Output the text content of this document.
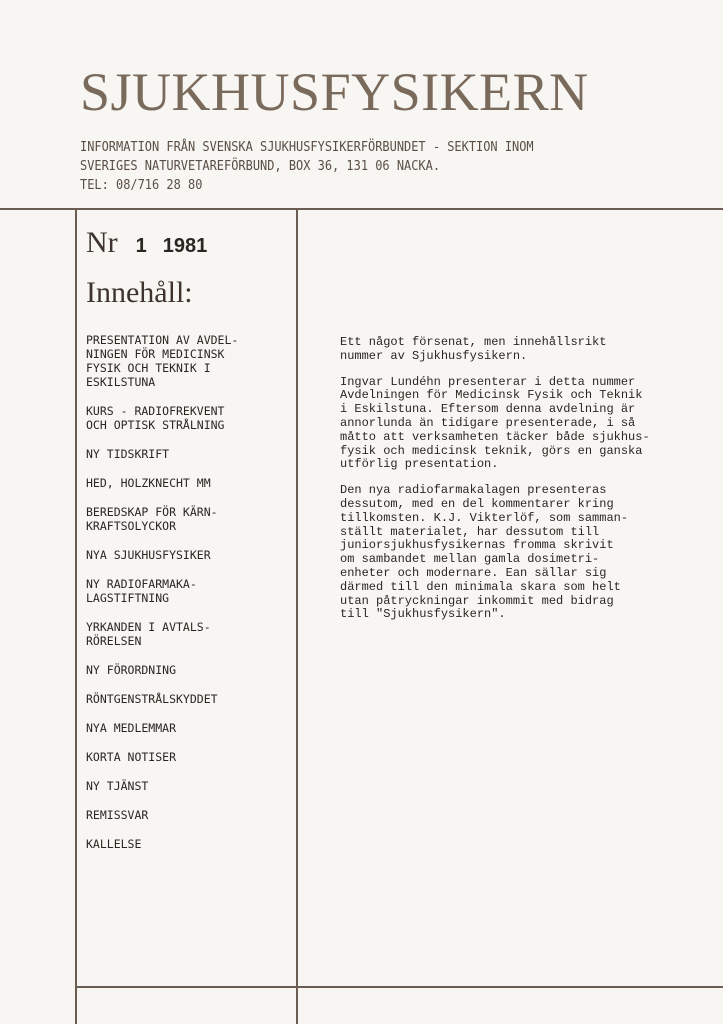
SJUKHUSFYSIKERN
INFORMATION FRÅN SVENSKA SJUKHUSFYSIKERFÖRBUNDET - SEKTION INOM
SVERIGES NATURVETAREFÖRBUND, BOX 36, 131 06 NACKA.
TEL: 08/716 28 80
Nr 1 1981
Innehåll:
PRESENTATION AV AVDEL-
NINGEN FÖR MEDICINSK
FYSIK OCH TEKNIK I
ESKILSTUNA
KURS - RADIOFREKVENT
OCH OPTISK STRÅLNING
NY TIDSKRIFT
HED, HOLZKNECHT MM
BEREDSKAP FÖR KÄRN-
KRAFTSOLYCKOR
NYA SJUKHUSFYSIKER
NY RADIOFARMAKA-
LAGSTIFTNING
YRKANDEN I AVTALS-
RÖRELSEN
NY FÖRORDNING
RÖNTGENSTRÅLSKYDDET
NYA MEDLEMMAR
KORTA NOTISER
NY TJÄNST
REMISSVAR
KALLELSE

Ett något försenat, men innehållsrikt
nummer av Sjukhusfysikern.

Ingvar Lundéhn presenterar i detta nummer
Avdelningen för Medicinsk Fysik och Teknik
i Eskilstuna. Eftersom denna avdelning är
annorlunda än tidigare presenterade, i så
måtto att verksamheten täcker både sjukhus-
fysik och medicinsk teknik, görs en ganska
utförlig presentation.

Den nya radiofarmakalagen presenteras
dessutom, med en del kommentarer kring
tillkomsten. K.J. Vikterlöf, som samman-
ställt materialet, har dessutom till
juniorsjukhusfysikernas fromma skrivit
om sambandet mellan gamla dosimetri-
enheter och modernare. Ean sällar sig
därmed till den minimala skara som helt
utan påtryckningar inkommit med bidrag
till "Sjukhusfysikern".
